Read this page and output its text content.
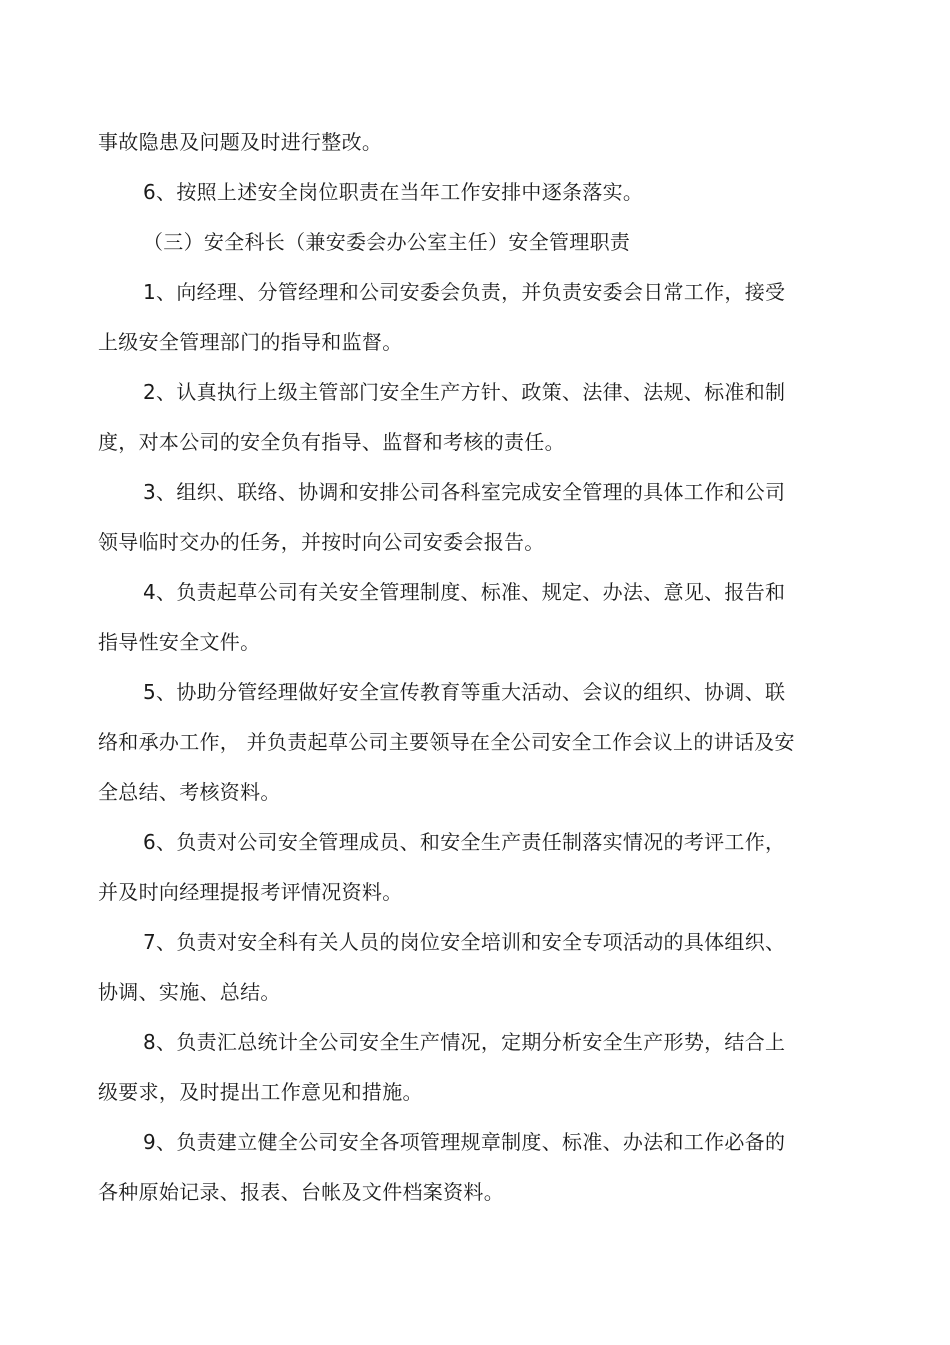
事故隐患及问题及时进行整改。
6、按照上述安全岗位职责在当年工作安排中逐条落实。
（三）安全科长（兼安委会办公室主任）安全管理职责
1、向经理、分管经理和公司安委会负责，并负责安委会日常工作，接受
上级安全管理部门的指导和监督。
2、认真执行上级主管部门安全生产方针、政策、法律、法规、标准和制
度，对本公司的安全负有指导、监督和考核的责任。
3、组织、联络、协调和安排公司各科室完成安全管理的具体工作和公司
领导临时交办的任务，并按时向公司安委会报告。
4、负责起草公司有关安全管理制度、标准、规定、办法、意见、报告和
指导性安全文件。
5、协助分管经理做好安全宣传教育等重大活动、会议的组织、协调、联
络和承办工作， 并负责起草公司主要领导在全公司安全工作会议上的讲话及安
全总结、考核资料。
6、负责对公司安全管理成员、和安全生产责任制落实情况的考评工作，
并及时向经理提报考评情况资料。
7、负责对安全科有关人员的岗位安全培训和安全专项活动的具体组织、
协调、实施、总结。
8、负责汇总统计全公司安全生产情况，定期分析安全生产形势，结合上
级要求，及时提出工作意见和措施。
9、负责建立健全公司安全各项管理规章制度、标准、办法和工作必备的
各种原始记录、报表、台帐及文件档案资料。
